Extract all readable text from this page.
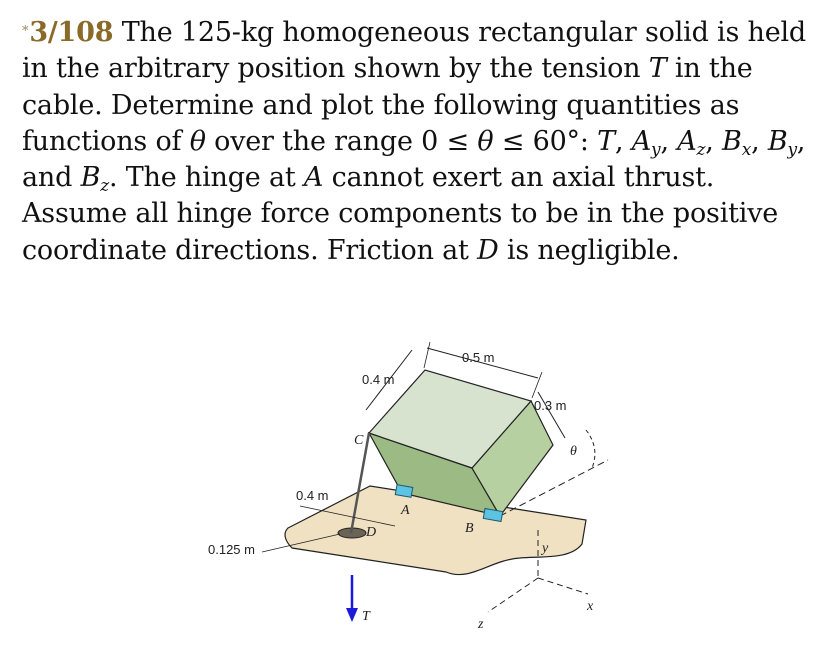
*3/108 The 125-kg homogeneous rectangular solid is held in the arbitrary position shown by the tension T in the cable. Determine and plot the following quantities as functions of θ over the range 0 ≤ θ ≤ 60°: T, $A_y$, $A_z$, $B_x$, $B_y$, and $B_z$. The hinge at A cannot exert an axial thrust. Assume all hinge force components to be in the positive coordinate directions. Friction at D is negligible.
0.5 m
0.4 m
0.3 m
0.4 m
0.125 m
C
A
B
D
T
θ
x
y
z
